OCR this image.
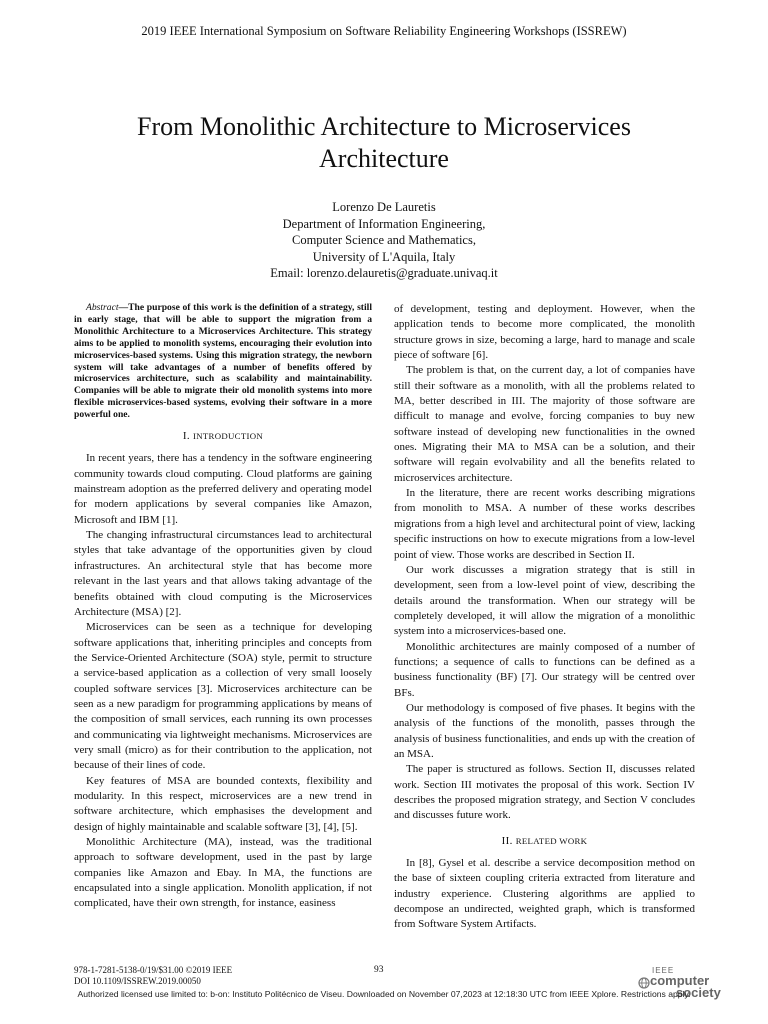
2019 IEEE International Symposium on Software Reliability Engineering Workshops (ISSREW)
From Monolithic Architecture to Microservices
Architecture
Lorenzo De Lauretis
Department of Information Engineering,
Computer Science and Mathematics,
University of L'Aquila, Italy
Email: lorenzo.delauretis@graduate.univaq.it

Abstract—The purpose of this work is the definition of a strategy, still in early stage, that will be able to support the migration from a Monolithic Architecture to a Microservices Architecture. This strategy aims to be applied to monolith systems, encouraging their evolution into microservices-based systems. Using this migration strategy, the newborn system will take advantages of a number of benefits offered by microservices architecture, such as scalability and maintainability. Companies will be able to migrate their old monolith systems into more flexible microservices-based systems, evolving their software in a more powerful one.

I. INTRODUCTION

In recent years, there has a tendency in the software engineering community towards cloud computing. Cloud platforms are gaining mainstream adoption as the preferred delivery and operating model for modern applications by several companies like Amazon, Microsoft and IBM [1].

The changing infrastructural circumstances lead to architectural styles that take advantage of the opportunities given by cloud infrastructures. An architectural style that has become more relevant in the last years and that allows taking advantage of the benefits obtained with cloud computing is the Microservices Architecture (MSA) [2].

Microservices can be seen as a technique for developing software applications that, inheriting principles and concepts from the Service-Oriented Architecture (SOA) style, permit to structure a service-based application as a collection of very small loosely coupled software services [3]. Microservices architecture can be seen as a new paradigm for programming applications by means of the composition of small services, each running its own processes and communicating via lightweight mechanisms. Microservices are very small (micro) as for their contribution to the application, not because of their lines of code.

Key features of MSA are bounded contexts, flexibility and modularity. In this respect, microservices are a new trend in software architecture, which emphasises the development and design of highly maintainable and scalable software [3], [4], [5].

Monolithic Architecture (MA), instead, was the traditional approach to software development, used in the past by large companies like Amazon and Ebay. In MA, the functions are encapsulated into a single application. Monolith application, if not complicated, have their own strength, for instance, easiness

of development, testing and deployment. However, when the application tends to become more complicated, the monolith structure grows in size, becoming a large, hard to manage and scale piece of software [6].

The problem is that, on the current day, a lot of companies have still their software as a monolith, with all the problems related to MA, better described in III. The majority of those software are difficult to manage and evolve, forcing companies to buy new software instead of developing new functionalities in the owned ones. Migrating their MA to MSA can be a solution, and their software will regain evolvability and all the benefits related to microservices architecture.

In the literature, there are recent works describing migrations from monolith to MSA. A number of these works describes migrations from a high level and architectural point of view, lacking specific instructions on how to execute migrations from a low-level point of view. Those works are described in Section II.

Our work discusses a migration strategy that is still in development, seen from a low-level point of view, describing the details around the transformation. When our strategy will be completely developed, it will allow the migration of a monolithic system into a microservices-based one.

Monolithic architectures are mainly composed of a number of functions; a sequence of calls to functions can be defined as a business functionality (BF) [7]. Our strategy will be centred over BFs.

Our methodology is composed of five phases. It begins with the analysis of the functions of the monolith, passes through the analysis of business functionalities, and ends up with the creation of an MSA.

The paper is structured as follows. Section II, discusses related work. Section III motivates the proposal of this work. Section IV describes the proposed migration strategy, and Section V concludes and discusses future work.

II. RELATED WORK

In [8], Gysel et al. describe a service decomposition method on the base of sixteen coupling criteria extracted from literature and industry experience. Clustering algorithms are applied to decompose an undirected, weighted graph, which is transformed from Software System Artifacts.

978-1-7281-5138-0/19/$31.00 ©2019 IEEE
DOI 10.1109/ISSREW.2019.00050
93	IEEE
computer
society
Authorized licensed use limited to: b-on: Instituto Politécnico de Viseu. Downloaded on November 07,2023 at 12:18:30 UTC from IEEE Xplore. Restrictions apply.
